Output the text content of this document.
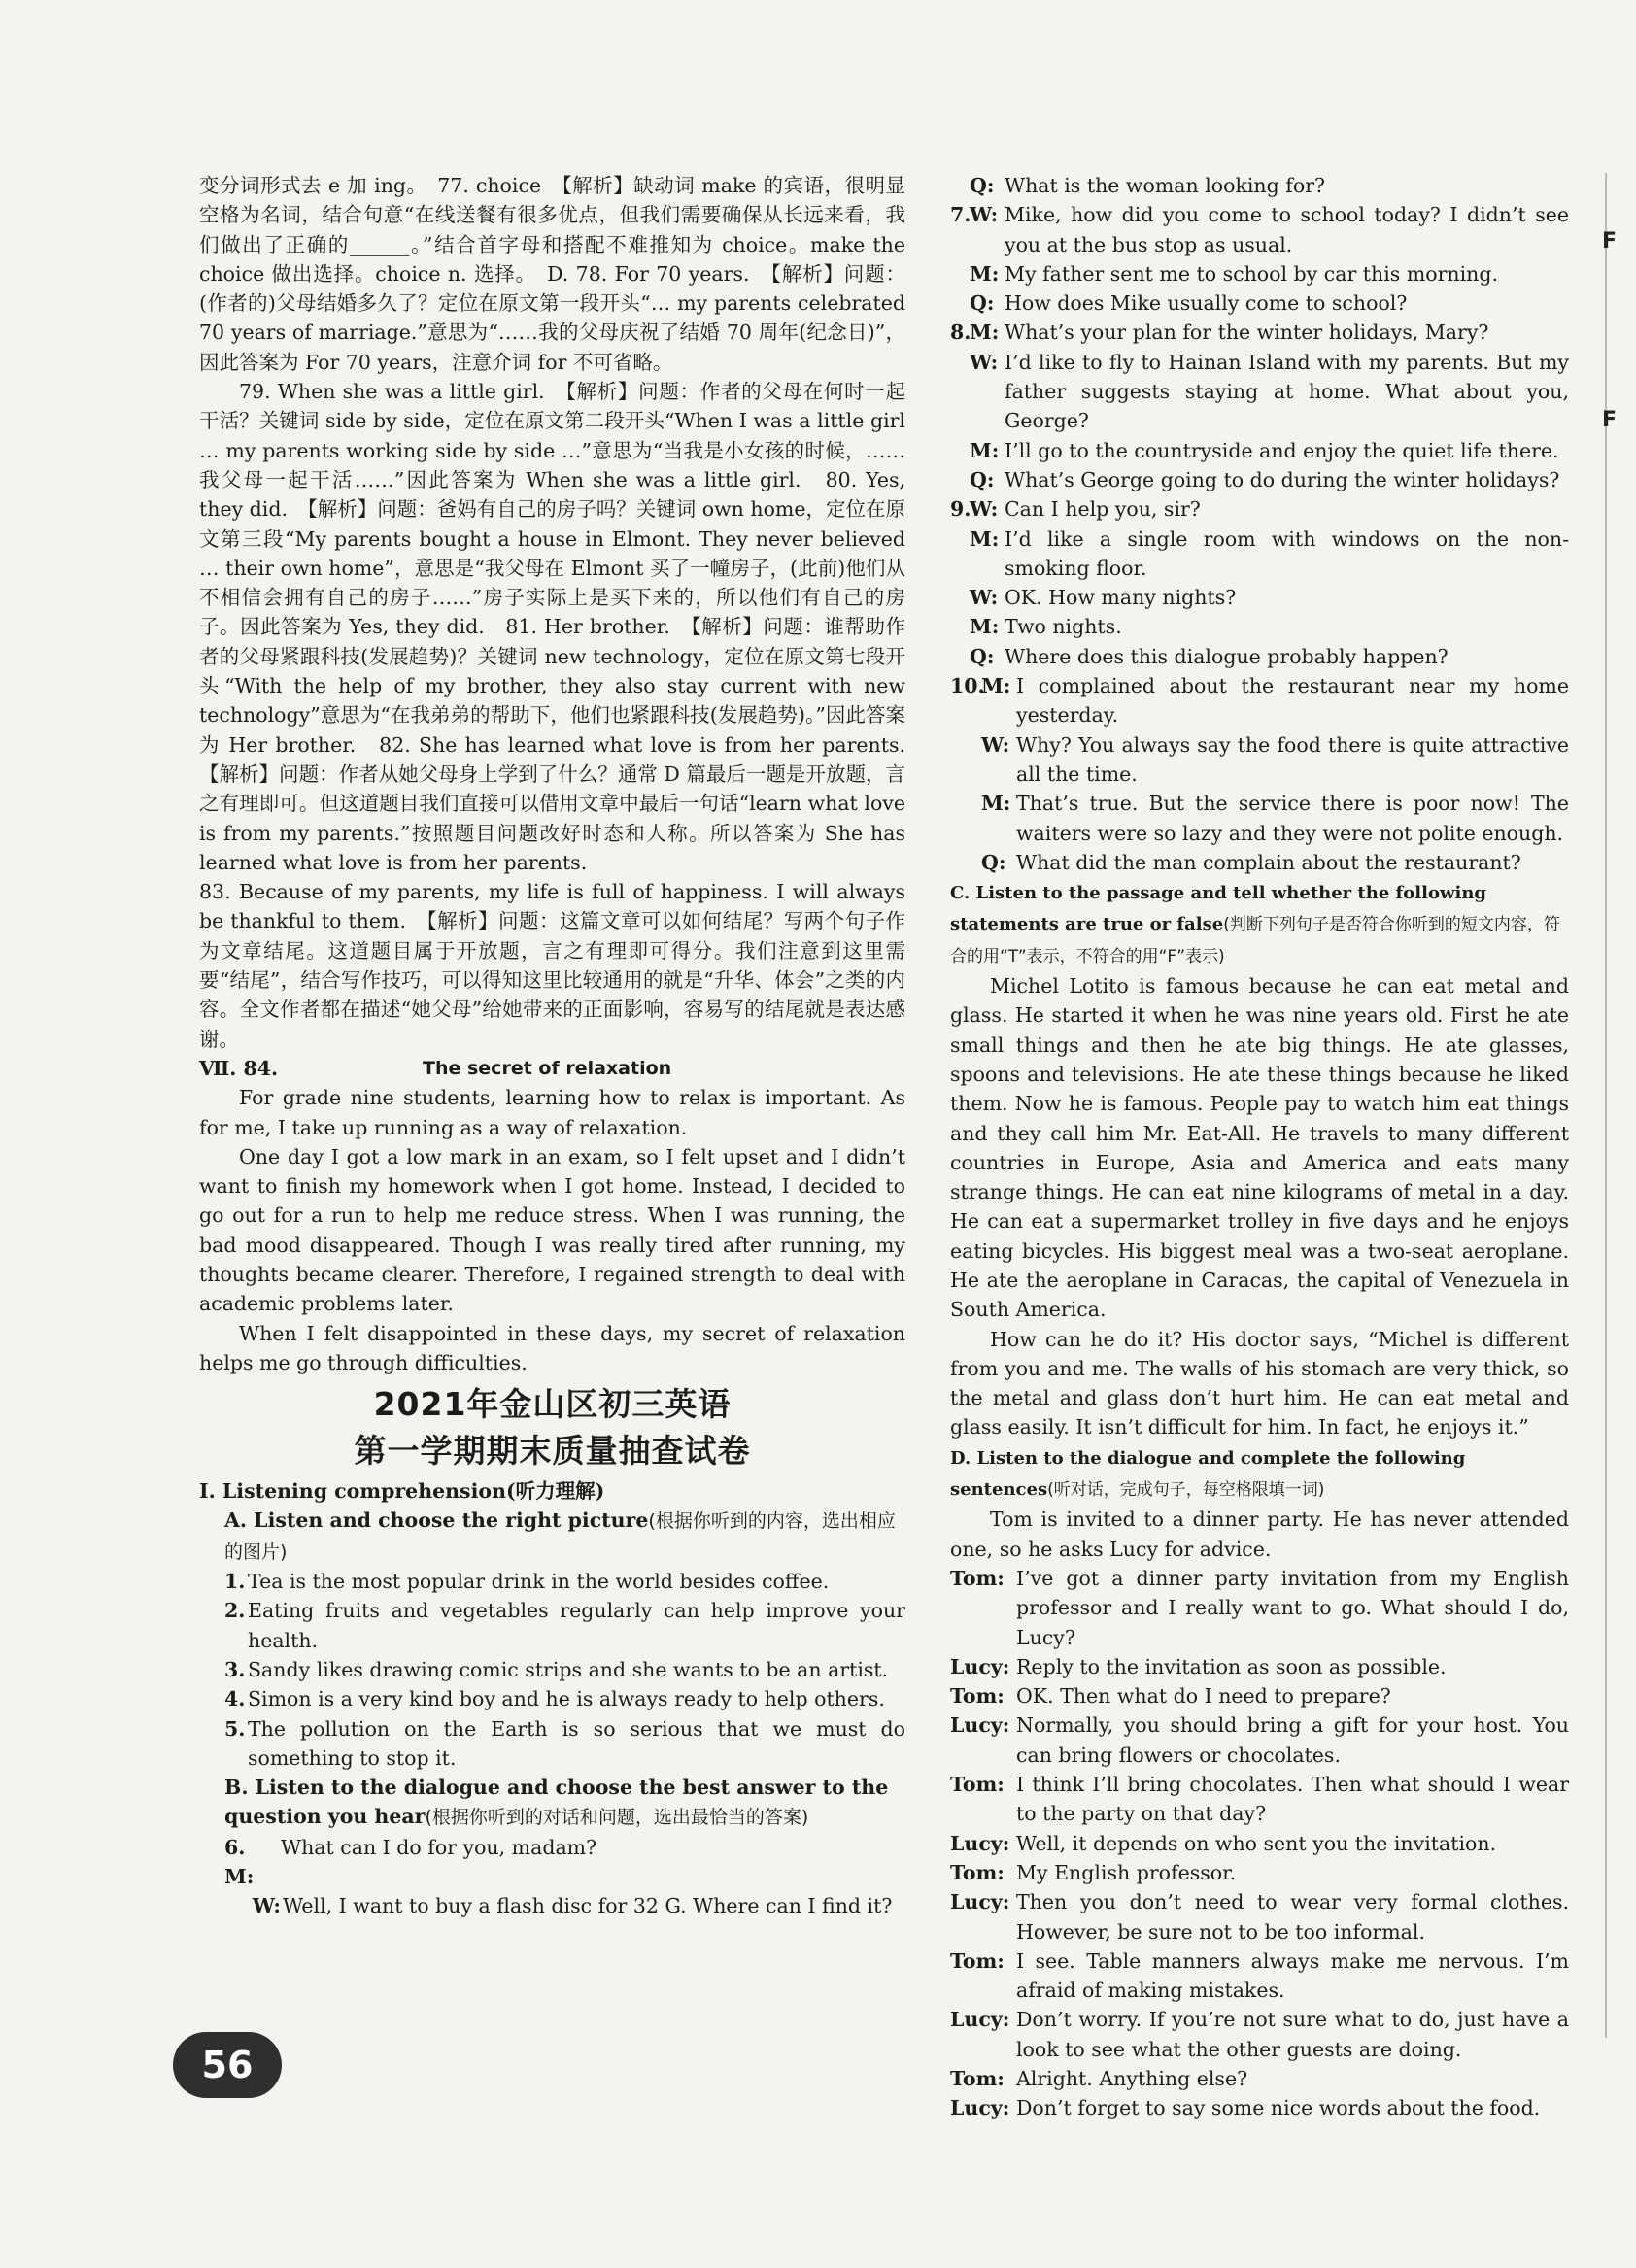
F
F

变分词形式去 e 加 ing。　77. choice　【解析】缺动词 make 的宾语，很明显空格为名词，结合句意“在线送餐有很多优点，但我们需要确保从长远来看，我们做出了正确的______。”结合首字母和搭配不难推知为 choice。make the choice 做出选择。choice n. 选择。　D. 78. For 70 years.　【解析】问题：(作者的)父母结婚多久了？定位在原文第一段开头“… my parents celebrated 70 years of marriage.”意思为“……我的父母庆祝了结婚 70 周年(纪念日)”，因此答案为 For 70 years，注意介词 for 不可省略。

79. When she was a little girl.　【解析】问题：作者的父母在何时一起干活？关键词 side by side，定位在原文第二段开头“When I was a little girl … my parents working side by side …”意思为“当我是小女孩的时候，……我父母一起干活……”因此答案为 When she was a little girl.　80. Yes, they did.　【解析】问题：爸妈有自己的房子吗？关键词 own home，定位在原文第三段“My parents bought a house in Elmont. They never believed … their own home”，意思是“我父母在 Elmont 买了一幢房子，(此前)他们从不相信会拥有自己的房子……”房子实际上是买下来的，所以他们有自己的房子。因此答案为 Yes, they did.　81. Her brother.　【解析】问题：谁帮助作者的父母紧跟科技(发展趋势)？关键词 new technology，定位在原文第七段开头“With the help of my brother, they also stay current with new technology”意思为“在我弟弟的帮助下，他们也紧跟科技(发展趋势)。”因此答案为 Her brother.　82. She has learned what love is from her parents.　【解析】问题：作者从她父母身上学到了什么？通常 D 篇最后一题是开放题，言之有理即可。但这道题目我们直接可以借用文章中最后一句话“learn what love is from my parents.”按照题目问题改好时态和人称。所以答案为 She has learned what love is from her parents.

83. Because of my parents, my life is full of happiness. I will always be thankful to them.　【解析】问题：这篇文章可以如何结尾？写两个句子作为文章结尾。这道题目属于开放题，言之有理即可得分。我们注意到这里需要“结尾”，结合写作技巧，可以得知这里比较通用的就是“升华、体会”之类的内容。全文作者都在描述“她父母”给她带来的正面影响，容易写的结尾就是表达感谢。

Ⅶ. 84.	The secret of relaxation

For grade nine students, learning how to relax is important. As for me, I take up running as a way of relaxation.

One day I got a low mark in an exam, so I felt upset and I didn’t want to finish my homework when I got home. Instead, I decided to go out for a run to help me reduce stress. When I was running, the bad mood disappeared. Though I was really tired after running, my thoughts became clearer. Therefore, I regained strength to deal with academic problems later.

When I felt disappointed in these days, my secret of relaxation helps me go through difficulties.

2021年金山区初三英语
第一学期期末质量抽查试卷

Ⅰ. Listening comprehension(听力理解)

A. Listen and choose the right picture(根据你听到的内容，选出相应的图片)

1. Tea is the most popular drink in the world besides coffee.
2. Eating fruits and vegetables regularly can help improve your health.
3. Sandy likes drawing comic strips and she wants to be an artist.
4. Simon is a very kind boy and he is always ready to help others.
5. The pollution on the Earth is so serious that we must do something to stop it.

B. Listen to the dialogue and choose the best answer to the question you hear(根据你听到的对话和问题，选出最恰当的答案)

6. M:
What can I do for you, madam?
W: Well, I want to buy a flash disc for 32 G. Where can I find it?
Q: What is the woman looking for?
7.
W: Mike, how did you come to school today? I didn’t see you at the bus stop as usual.
M: My father sent me to school by car this morning.
Q: How does Mike usually come to school?
8.
M: What’s your plan for the winter holidays, Mary?
W: I’d like to fly to Hainan Island with my parents. But my father suggests staying at home. What about you, George?
M: I’ll go to the countryside and enjoy the quiet life there.
Q: What’s George going to do during the winter holidays?
9.
W: Can I help you, sir?
M: I’d like a single room with windows on the non-smoking floor.
W: OK. How many nights?
M: Two nights.
Q: Where does this dialogue probably happen?
10.
M: I complained about the restaurant near my home yesterday.
W: Why? You always say the food there is quite attractive all the time.
M: That’s true. But the service there is poor now! The waiters were so lazy and they were not polite enough.
Q: What did the man complain about the restaurant?

C. Listen to the passage and tell whether the following statements are true or false(判断下列句子是否符合你听到的短文内容，符合的用“T”表示，不符合的用“F”表示)

Michel Lotito is famous because he can eat metal and glass. He started it when he was nine years old. First he ate small things and then he ate big things. He ate glasses, spoons and televisions. He ate these things because he liked them. Now he is famous. People pay to watch him eat things and they call him Mr. Eat-All. He travels to many different countries in Europe, Asia and America and eats many strange things. He can eat nine kilograms of metal in a day. He can eat a supermarket trolley in five days and he enjoys eating bicycles. His biggest meal was a two-seat aeroplane. He ate the aeroplane in Caracas, the capital of Venezuela in South America.

How can he do it? His doctor says, “Michel is different from you and me. The walls of his stomach are very thick, so the metal and glass don’t hurt him. He can eat metal and glass easily. It isn’t difficult for him. In fact, he enjoys it.”

D. Listen to the dialogue and complete the following sentences(听对话，完成句子，每空格限填一词)

Tom is invited to a dinner party. He has never attended one, so he asks Lucy for advice.

Tom: I’ve got a dinner party invitation from my English professor and I really want to go. What should I do, Lucy?
Lucy: Reply to the invitation as soon as possible.
Tom: OK. Then what do I need to prepare?
Lucy: Normally, you should bring a gift for your host. You can bring flowers or chocolates.
Tom: I think I’ll bring chocolates. Then what should I wear to the party on that day?
Lucy: Well, it depends on who sent you the invitation.
Tom: My English professor.
Lucy: Then you don’t need to wear very formal clothes. However, be sure not to be too informal.
Tom: I see. Table manners always make me nervous. I’m afraid of making mistakes.
Lucy: Don’t worry. If you’re not sure what to do, just have a look to see what the other guests are doing.
Tom: Alright. Anything else?
Lucy: Don’t forget to say some nice words about the food.
56
